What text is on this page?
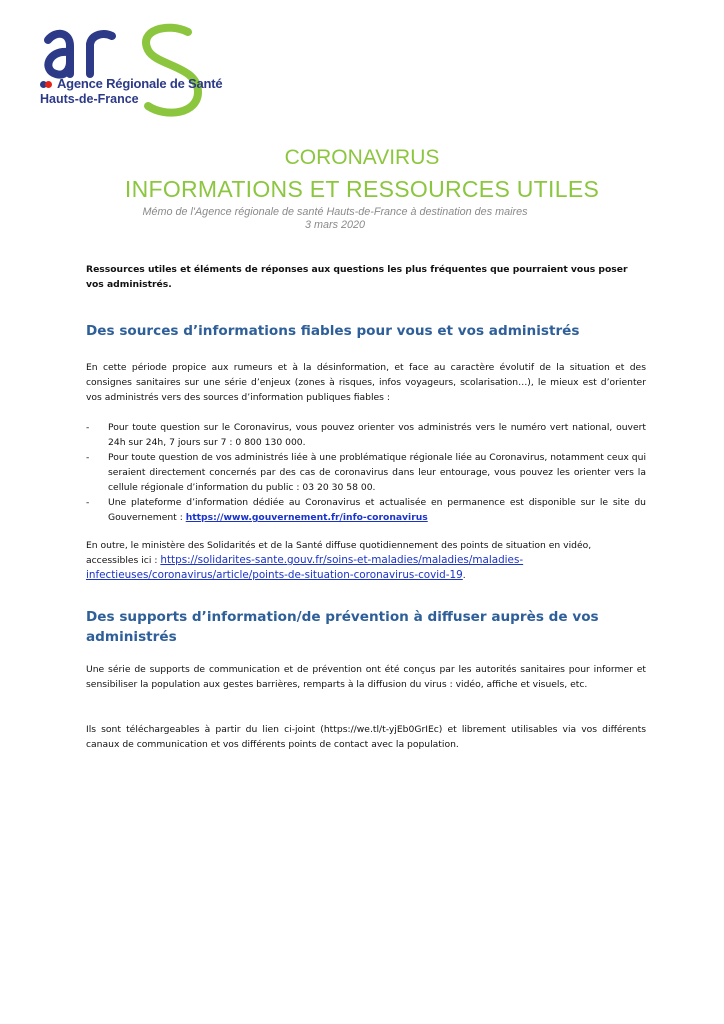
Agence Régionale de Santé
Hauts-de-France
CORONAVIRUS
INFORMATIONS ET RESSOURCES UTILES
Mémo de l'Agence régionale de santé Hauts-de-France à destination des maires
3 mars 2020
Ressources utiles et éléments de réponses aux questions les plus fréquentes que pourraient vous poser vos administrés.
Des sources d’informations fiables pour vous et vos administrés
En cette période propice aux rumeurs et à la désinformation, et face au caractère évolutif de la situation et des consignes sanitaires sur une série d’enjeux (zones à risques, infos voyageurs, scolarisation…), le mieux est d’orienter vos administrés vers des sources d’information publiques fiables :
- Pour toute question sur le Coronavirus, vous pouvez orienter vos administrés vers le numéro vert national, ouvert 24h sur 24h, 7 jours sur 7 : 0 800 130 000.
- Pour toute question de vos administrés liée à une problématique régionale liée au Coronavirus, notamment ceux qui seraient directement concernés par des cas de coronavirus dans leur entourage, vous pouvez les orienter vers la cellule régionale d’information du public : 03 20 30 58 00.
- Une plateforme d’information dédiée au Coronavirus et actualisée en permanence est disponible sur le site du Gouvernement : https://www.gouvernement.fr/info-coronavirus
En outre, le ministère des Solidarités et de la Santé diffuse quotidiennement des points de situation en vidéo, accessibles ici : https://solidarites-sante.gouv.fr/soins-et-maladies/maladies/maladies-infectieuses/coronavirus/article/points-de-situation-coronavirus-covid-19.
Des supports d’information/de prévention à diffuser auprès de vos administrés
Une série de supports de communication et de prévention ont été conçus par les autorités sanitaires pour informer et sensibiliser la population aux gestes barrières, remparts à la diffusion du virus : vidéo, affiche et visuels, etc.
Ils sont téléchargeables à partir du lien ci-joint (https://we.tl/t-yjEb0GrIEc) et librement utilisables via vos différents canaux de communication et vos différents points de contact avec la population.
